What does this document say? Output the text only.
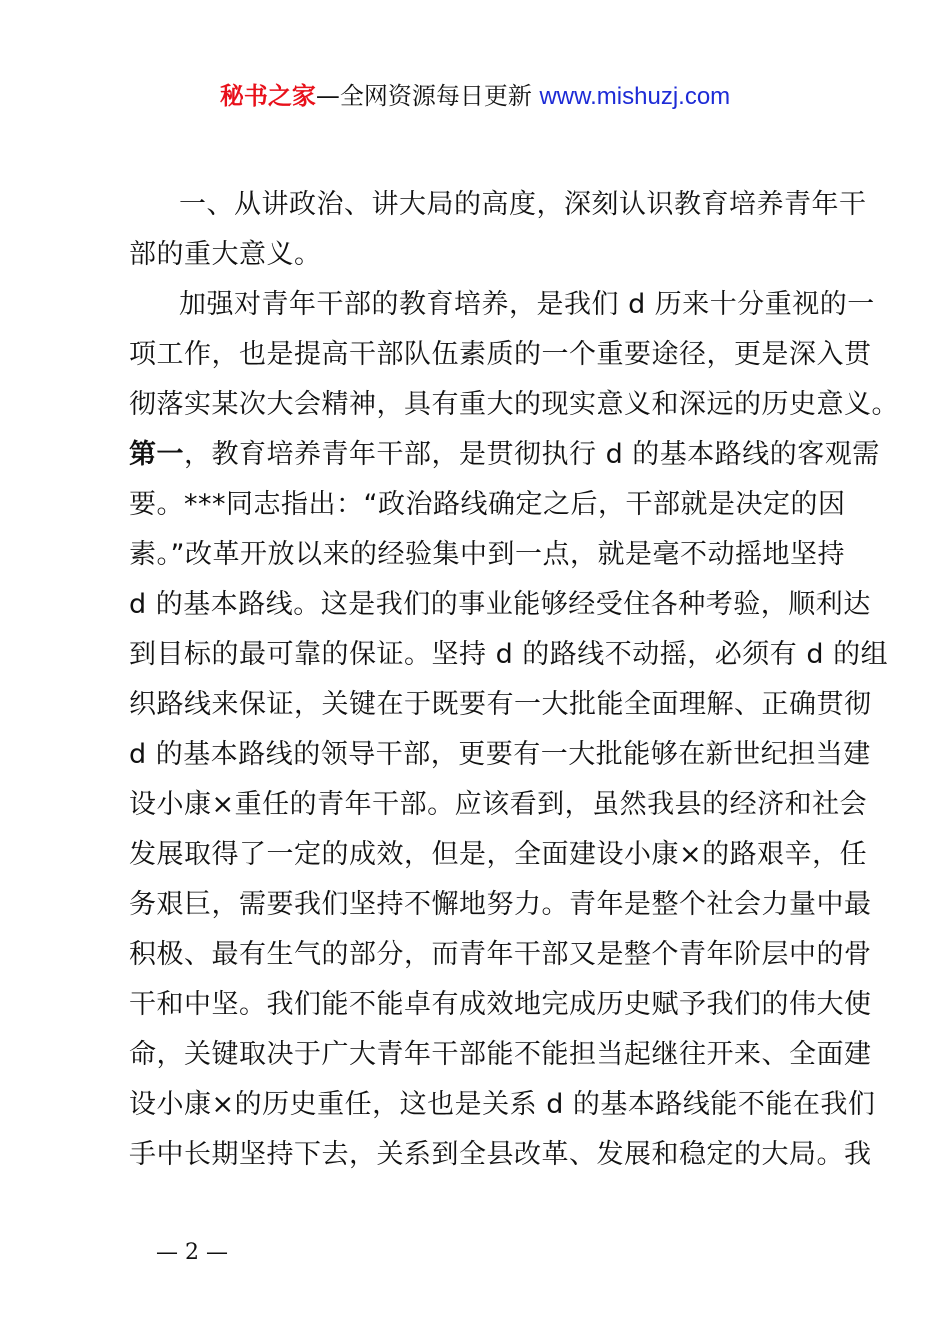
秘书之家—全网资源每日更新 www.mishuzj.com
一、从讲政治、讲大局的高度，深刻认识教育培养青年干
部的重大意义。
加强对青年干部的教育培养，是我们 d 历来十分重视的一
项工作，也是提高干部队伍素质的一个重要途径，更是深入贯
彻落实某次大会精神，具有重大的现实意义和深远的历史意义。
第一，教育培养青年干部，是贯彻执行 d 的基本路线的客观需
要。***同志指出：“政治路线确定之后，干部就是决定的因
素。”改革开放以来的经验集中到一点，就是毫不动摇地坚持
d 的基本路线。这是我们的事业能够经受住各种考验，顺利达
到目标的最可靠的保证。坚持 d 的路线不动摇，必须有 d 的组
织路线来保证，关键在于既要有一大批能全面理解、正确贯彻
d 的基本路线的领导干部，更要有一大批能够在新世纪担当建
设小康×重任的青年干部。应该看到，虽然我县的经济和社会
发展取得了一定的成效，但是，全面建设小康×的路艰辛，任
务艰巨，需要我们坚持不懈地努力。青年是整个社会力量中最
积极、最有生气的部分，而青年干部又是整个青年阶层中的骨
干和中坚。我们能不能卓有成效地完成历史赋予我们的伟大使
命，关键取决于广大青年干部能不能担当起继往开来、全面建
设小康×的历史重任，这也是关系 d 的基本路线能不能在我们
手中长期坚持下去，关系到全县改革、发展和稳定的大局。我
— 2 —
